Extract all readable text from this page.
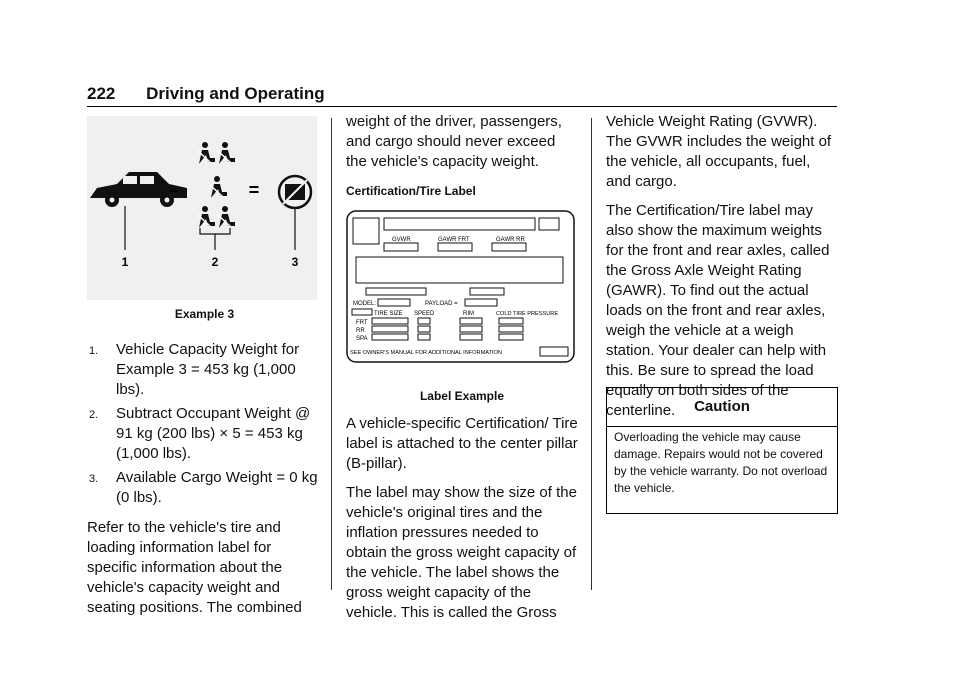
222 Driving and Operating
–	=
1	2	3
Example 3
1. Vehicle Capacity Weight for Example 3 = 453 kg (1,000 lbs).
2. Subtract Occupant Weight @ 91 kg (200 lbs) × 5 = 453 kg (1,000 lbs).
3. Available Cargo Weight = 0 kg (0 lbs).

Refer to the vehicle's tire and loading information label for specific information about the vehicle's capacity weight and seating positions. The combined

weight of the driver, passengers, and cargo should never exceed the vehicle's capacity weight.

Certification/Tire Label
GVWR	GAWR FRT	GAWR RR
MODEL:	PAYLOAD =
TIRE SIZE SPEED	RIM	COLD TIRE PRESSURE
FRT
RR
SPA
SEE OWNER'S MANUAL FOR ADDITIONAL INFORMATION
Label Example

A vehicle-specific Certification/ Tire label is attached to the center pillar (B-pillar).

The label may show the size of the vehicle's original tires and the inflation pressures needed to obtain the gross weight capacity of the vehicle. The label shows the gross weight capacity of the vehicle. This is called the Gross

Vehicle Weight Rating (GVWR). The GVWR includes the weight of the vehicle, all occupants, fuel, and cargo.

The Certification/Tire label may also show the maximum weights for the front and rear axles, called the Gross Axle Weight Rating (GAWR). To find out the actual loads on the front and rear axles, weigh the vehicle at a weigh station. Your dealer can help with this. Be sure to spread the load equally on both sides of the centerline.	Caution
Overloading the vehicle may cause damage. Repairs would not be covered by the vehicle warranty. Do not overload the vehicle.
